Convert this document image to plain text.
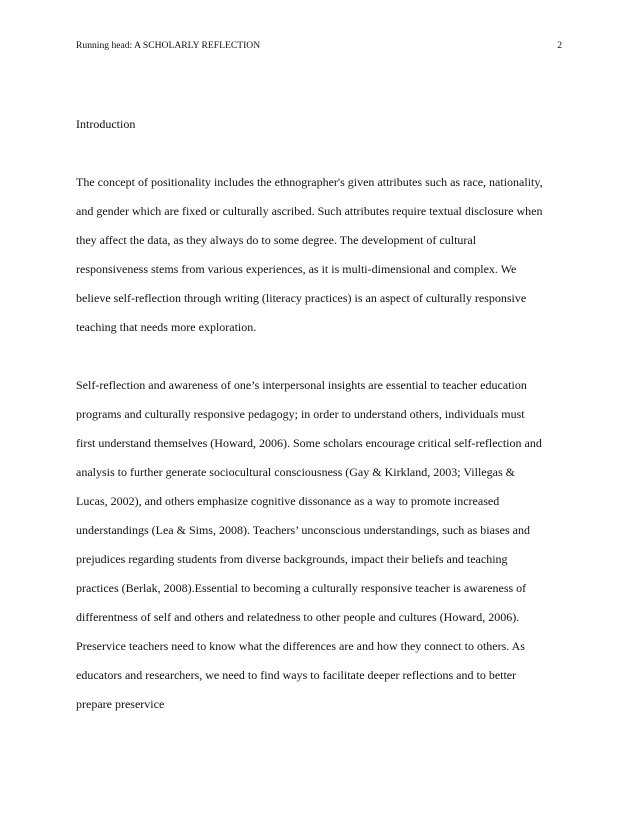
Running head: A SCHOLARLY REFLECTION	2

Introduction

The concept of positionality includes the ethnographer's given attributes such as race, nationality,
and gender which are fixed or culturally ascribed. Such attributes require textual disclosure when
they affect the data, as they always do to some degree. The development of cultural
responsiveness stems from various experiences, as it is multi-dimensional and complex. We
believe self-reflection through writing (literacy practices) is an aspect of culturally responsive
teaching that needs more exploration.
Self-reflection and awareness of one’s interpersonal insights are essential to teacher education
programs and culturally responsive pedagogy; in order to understand others, individuals must
first understand themselves (Howard, 2006). Some scholars encourage critical self-reflection and
analysis to further generate sociocultural consciousness (Gay & Kirkland, 2003; Villegas &
Lucas, 2002), and others emphasize cognitive dissonance as a way to promote increased
understandings (Lea & Sims, 2008). Teachers’ unconscious understandings, such as biases and
prejudices regarding students from diverse backgrounds, impact their beliefs and teaching
practices (Berlak, 2008).Essential to becoming a culturally responsive teacher is awareness of
differentness of self and others and relatedness to other people and cultures (Howard, 2006).
Preservice teachers need to know what the differences are and how they connect to others. As
educators and researchers, we need to find ways to facilitate deeper reflections and to better
prepare preservice
